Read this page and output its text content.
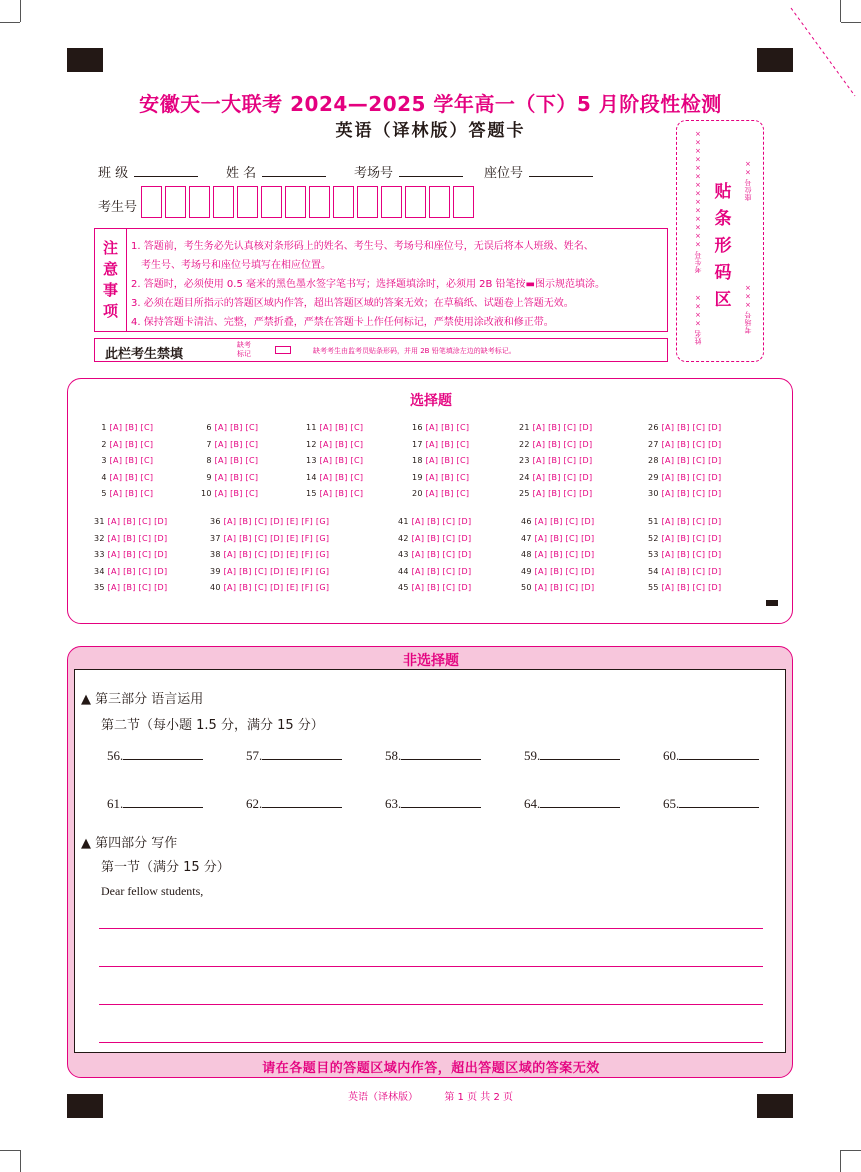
安徽天一大联考 2024—2025 学年高一（下）5 月阶段性检测
英语（译林版）答题卡
班 级	姓 名	考场号	座位号
考生号
注
意
事
项
1. 答题前，考生务必先认真核对条形码上的姓名、考生号、考场号和座位号，无误后将本人班级、姓名、
考生号、考场号和座位号填写在相应位置。
2. 答题时，必须使用 0.5 毫米的黑色墨水签字笔书写；选择题填涂时，必须用 2B 铅笔按▬图示规范填涂。
3. 必须在题目所指示的答题区域内作答，超出答题区域的答案无效；在草稿纸、试题卷上答题无效。
4. 保持答题卡清洁、完整，严禁折叠，严禁在答题卡上作任何标记，严禁使用涂改液和修正带。
此栏考生禁填
缺考
标记	缺考考生由监考员贴条形码，并用 2B 铅笔填涂左边的缺考标记。
贴
条
形
码
区
座位号 ××
考生号 ××××××××××××××
姓名 ××××	考场号 ×××
选择题
 1 [A] [B] [C]
 2 [A] [B] [C]
 3 [A] [B] [C]
 4 [A] [B] [C]
 5 [A] [B] [C]
 6 [A] [B] [C]
 7 [A] [B] [C]
 8 [A] [B] [C]
 9 [A] [B] [C]
10 [A] [B] [C]
11 [A] [B] [C]
12 [A] [B] [C]
13 [A] [B] [C]
14 [A] [B] [C]
15 [A] [B] [C]
16 [A] [B] [C]
17 [A] [B] [C]
18 [A] [B] [C]
19 [A] [B] [C]
20 [A] [B] [C]
21 [A] [B] [C] [D]
22 [A] [B] [C] [D]
23 [A] [B] [C] [D]
24 [A] [B] [C] [D]
25 [A] [B] [C] [D]
26 [A] [B] [C] [D]
27 [A] [B] [C] [D]
28 [A] [B] [C] [D]
29 [A] [B] [C] [D]
30 [A] [B] [C] [D]
31 [A] [B] [C] [D]
32 [A] [B] [C] [D]
33 [A] [B] [C] [D]
34 [A] [B] [C] [D]
35 [A] [B] [C] [D]
36 [A] [B] [C] [D] [E] [F] [G]
37 [A] [B] [C] [D] [E] [F] [G]
38 [A] [B] [C] [D] [E] [F] [G]
39 [A] [B] [C] [D] [E] [F] [G]
40 [A] [B] [C] [D] [E] [F] [G]
41 [A] [B] [C] [D]
42 [A] [B] [C] [D]
43 [A] [B] [C] [D]
44 [A] [B] [C] [D]
45 [A] [B] [C] [D]
46 [A] [B] [C] [D]
47 [A] [B] [C] [D]
48 [A] [B] [C] [D]
49 [A] [B] [C] [D]
50 [A] [B] [C] [D]
51 [A] [B] [C] [D]
52 [A] [B] [C] [D]
53 [A] [B] [C] [D]
54 [A] [B] [C] [D]
55 [A] [B] [C] [D]
非选择题
▲ 第三部分 语言运用
第二节（每小题 1.5 分，满分 15 分）
56.	57.	58.	59.	60.
61.	62.	63.	64.	65.
▲ 第四部分 写作
第一节（满分 15 分）
Dear fellow students,
请在各题目的答题区域内作答，超出答题区域的答案无效
英语（译林版）	第 1 页 共 2 页
